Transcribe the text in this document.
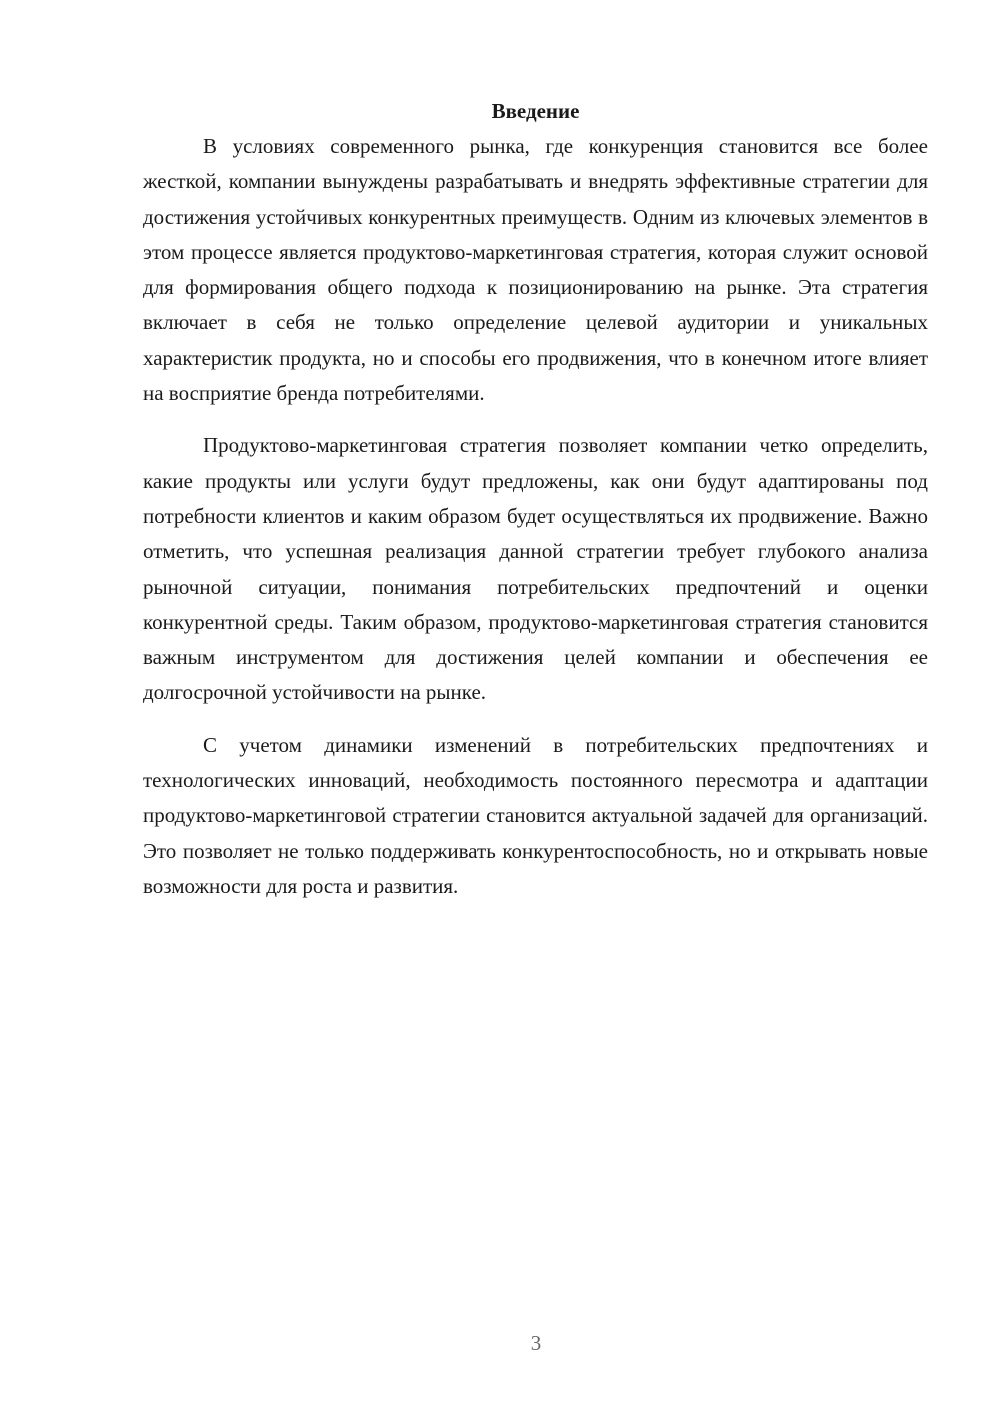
Введение

В условиях современного рынка, где конкуренция становится все более жесткой, компании вынуждены разрабатывать и внедрять эффективные стратегии для достижения устойчивых конкурентных преимуществ. Одним из ключевых элементов в этом процессе является продуктово-маркетинговая стратегия, которая служит основой для формирования общего подхода к позиционированию на рынке. Эта стратегия включает в себя не только определение целевой аудитории и уникальных характеристик продукта, но и способы его продвижения, что в конечном итоге влияет на восприятие бренда потребителями.

Продуктово-маркетинговая стратегия позволяет компании четко определить, какие продукты или услуги будут предложены, как они будут адаптированы под потребности клиентов и каким образом будет осуществляться их продвижение. Важно отметить, что успешная реализация данной стратегии требует глубокого анализа рыночной ситуации, понимания потребительских предпочтений и оценки конкурентной среды. Таким образом, продуктово-маркетинговая стратегия становится важным инструментом для достижения целей компании и обеспечения ее долгосрочной устойчивости на рынке.

С учетом динамики изменений в потребительских предпочтениях и технологических инноваций, необходимость постоянного пересмотра и адаптации продуктово-маркетинговой стратегии становится актуальной задачей для организаций. Это позволяет не только поддерживать конкурентоспособность, но и открывать новые возможности для роста и развития.

3
